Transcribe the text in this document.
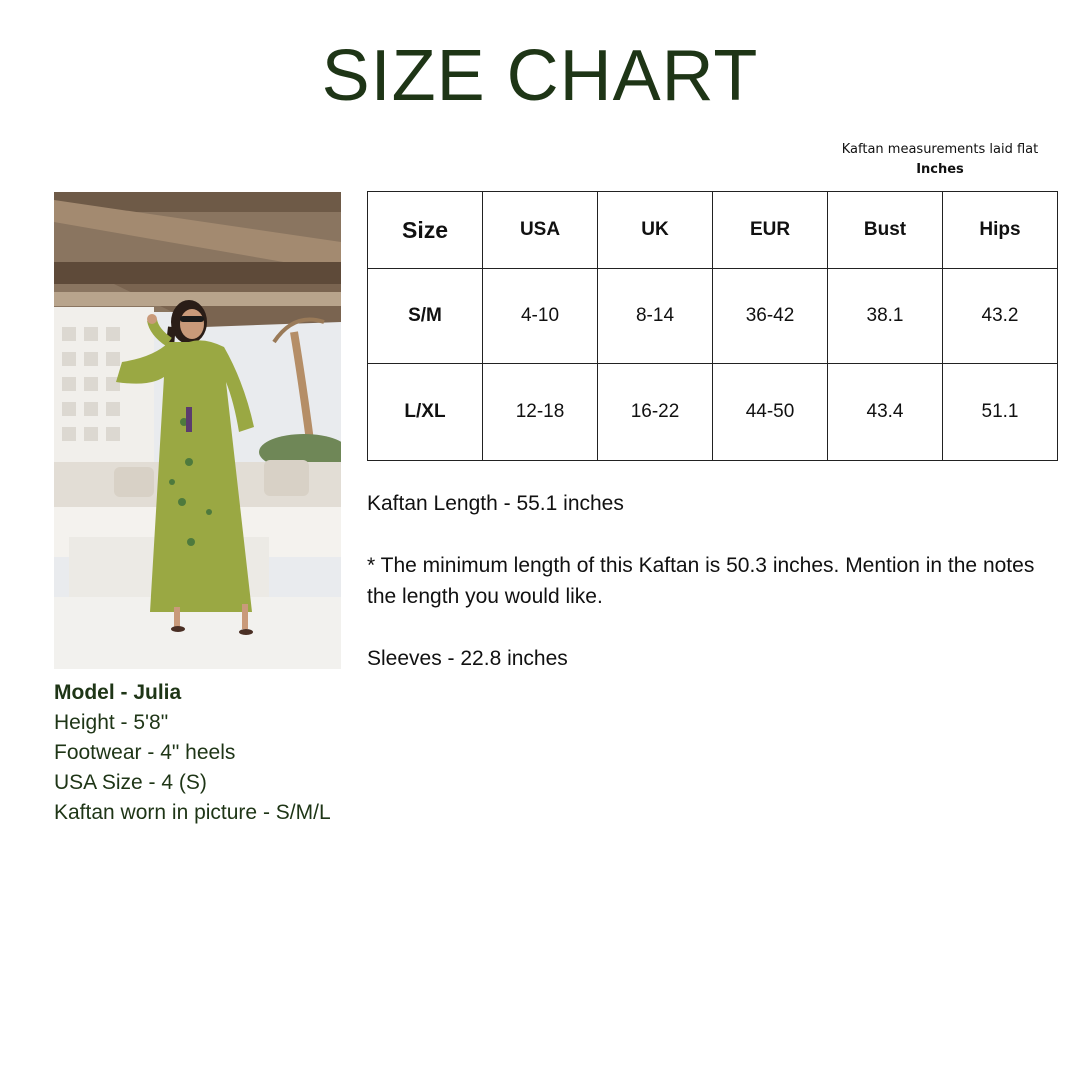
SIZE CHART
Kaftan measurements laid flat
Inches
Model - Julia
Height - 5'8"
Footwear - 4" heels
USA Size - 4 (S)
Kaftan worn in picture - S/M/L
Size	USA	UK	EUR	Bust	Hips
S/M	4-10	8-14	36-42	38.1	43.2
L/XL	12-18	16-22	44-50	43.4	51.1

Kaftan Length - 55.1 inches

* The minimum length of this Kaftan is 50.3 inches. Mention in the notes the length you would like.

Sleeves - 22.8 inches
